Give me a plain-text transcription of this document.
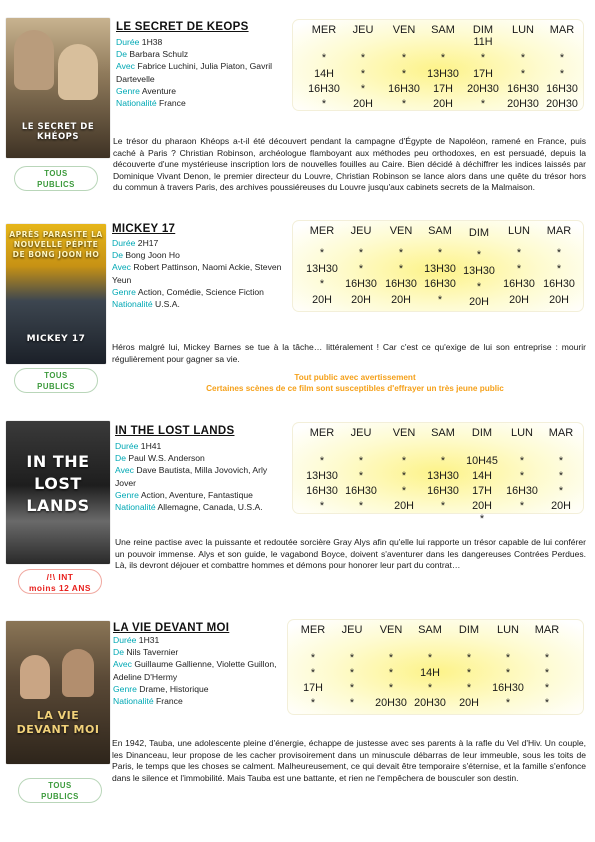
LE SECRET DE KHÉOPS
LE SECRET DE KEOPS
Durée 1H38
De Barbara Schulz
Avec Fabrice Luchini, Julia Piaton, Gavril Dartevelle
Genre Aventure
Nationalité France
MER
*
14H
16H30
*
JEU
*
*
*
20H
VEN
*
*
16H30
*
SAM
*
13H30
17H
20H
DIM
11H
*
17H
20H30
*
LUN
*
*
16H30
20H30
MAR
*
*
16H30
20H30
Le trésor du pharaon Khéops a-t-il été découvert pendant la campagne d'Égypte de Napoléon, ramené en France, puis caché à Paris ? Christian Robinson, archéologue flamboyant aux méthodes peu orthodoxes, en est persuadé, depuis la découverte d'une mystérieuse inscription lors de nouvelles fouilles au Caire. Bien décidé à déchiffrer les indices laissés par Dominique Vivant Denon, le premier directeur du Louvre, Christian Robinson se lance alors dans une quête du trésor hors du commun à travers Paris, des archives poussiéreuses du Louvre jusqu'aux cabinets secrets de la Malmaison.
TOUS
PUBLICS
APRÈS PARASITE LA NOUVELLE PÉPITE DE BONG JOON HO
MICKEY 17
MICKEY 17
Durée 2H17
De Bong Joon Ho
Avec Robert Pattinson, Naomi Ackie, Steven Yeun
Genre Action, Comédie, Science Fiction
Nationalité U.S.A.
MER
*
13H30
*
20H
JEU
*
*
16H30
20H
VEN
*
*
16H30
20H
SAM
*
13H30
16H30
*
DIM
*
13H30
*
20H
LUN
*
*
16H30
20H
MAR
*
*
16H30
20H
Héros malgré lui, Mickey Barnes se tue à la tâche… littéralement ! Car c'est ce qu'exige de lui son entreprise : mourir régulièrement pour gagner sa vie.
TOUS
PUBLICS
Tout public avec avertissement
Certaines scènes de ce film sont susceptibles d'effrayer un très jeune public
IN THE LOST LANDS
IN THE LOST LANDS
Durée 1H41
De Paul W.S. Anderson
Avec Dave Bautista, Milla Jovovich, Arly Jover
Genre Action, Aventure, Fantastique
Nationalité Allemagne, Canada, U.S.A.
MER
*
13H30
16H30
*
JEU
*
*
16H30
*
VEN
*
*
*
20H
SAM
*
13H30
16H30
*
DIM
10H45
14H
17H
20H
*
LUN
*
*
16H30
*
MAR
*
*
*
20H
Une reine pactise avec la puissante et redoutée sorcière Gray Alys afin qu'elle lui rapporte un trésor capable de lui conférer un pouvoir immense. Alys et son guide, le vagabond Boyce, doivent s'aventurer dans les dangereuses Contrées Perdues. Là, ils devront déjouer et combattre hommes et démons pour honorer leur part du contrat…
/!\ INT
moins 12 ANS
LA VIE DEVANT MOI
LA VIE DEVANT MOI
Durée 1H31
De Nils Tavernier
Avec Guillaume Gallienne, Violette Guillon, Adeline D'Hermy
Genre Drame, Historique
Nationalité France
MER
*
*
17H
*
JEU
*
*
*
*
VEN
*
*
*
20H30
SAM
*
14H
*
20H30
DIM
*
*
*
20H
LUN
*
*
16H30
*
MAR
*
*
*
*
En 1942, Tauba, une adolescente pleine d'énergie, échappe de justesse avec ses parents à la rafle du Vel d'Hiv. Un couple, les Dinanceau, leur propose de les cacher provisoirement dans un minuscule débarras de leur immeuble, sous les toits de Paris, le temps que les choses se calment. Malheureusement, ce qui devait être temporaire s'éternise, et la famille s'enfonce dans le silence et l'immobilité. Mais Tauba est une battante, et rien ne l'empêchera de bousculer son destin.
TOUS
PUBLICS
